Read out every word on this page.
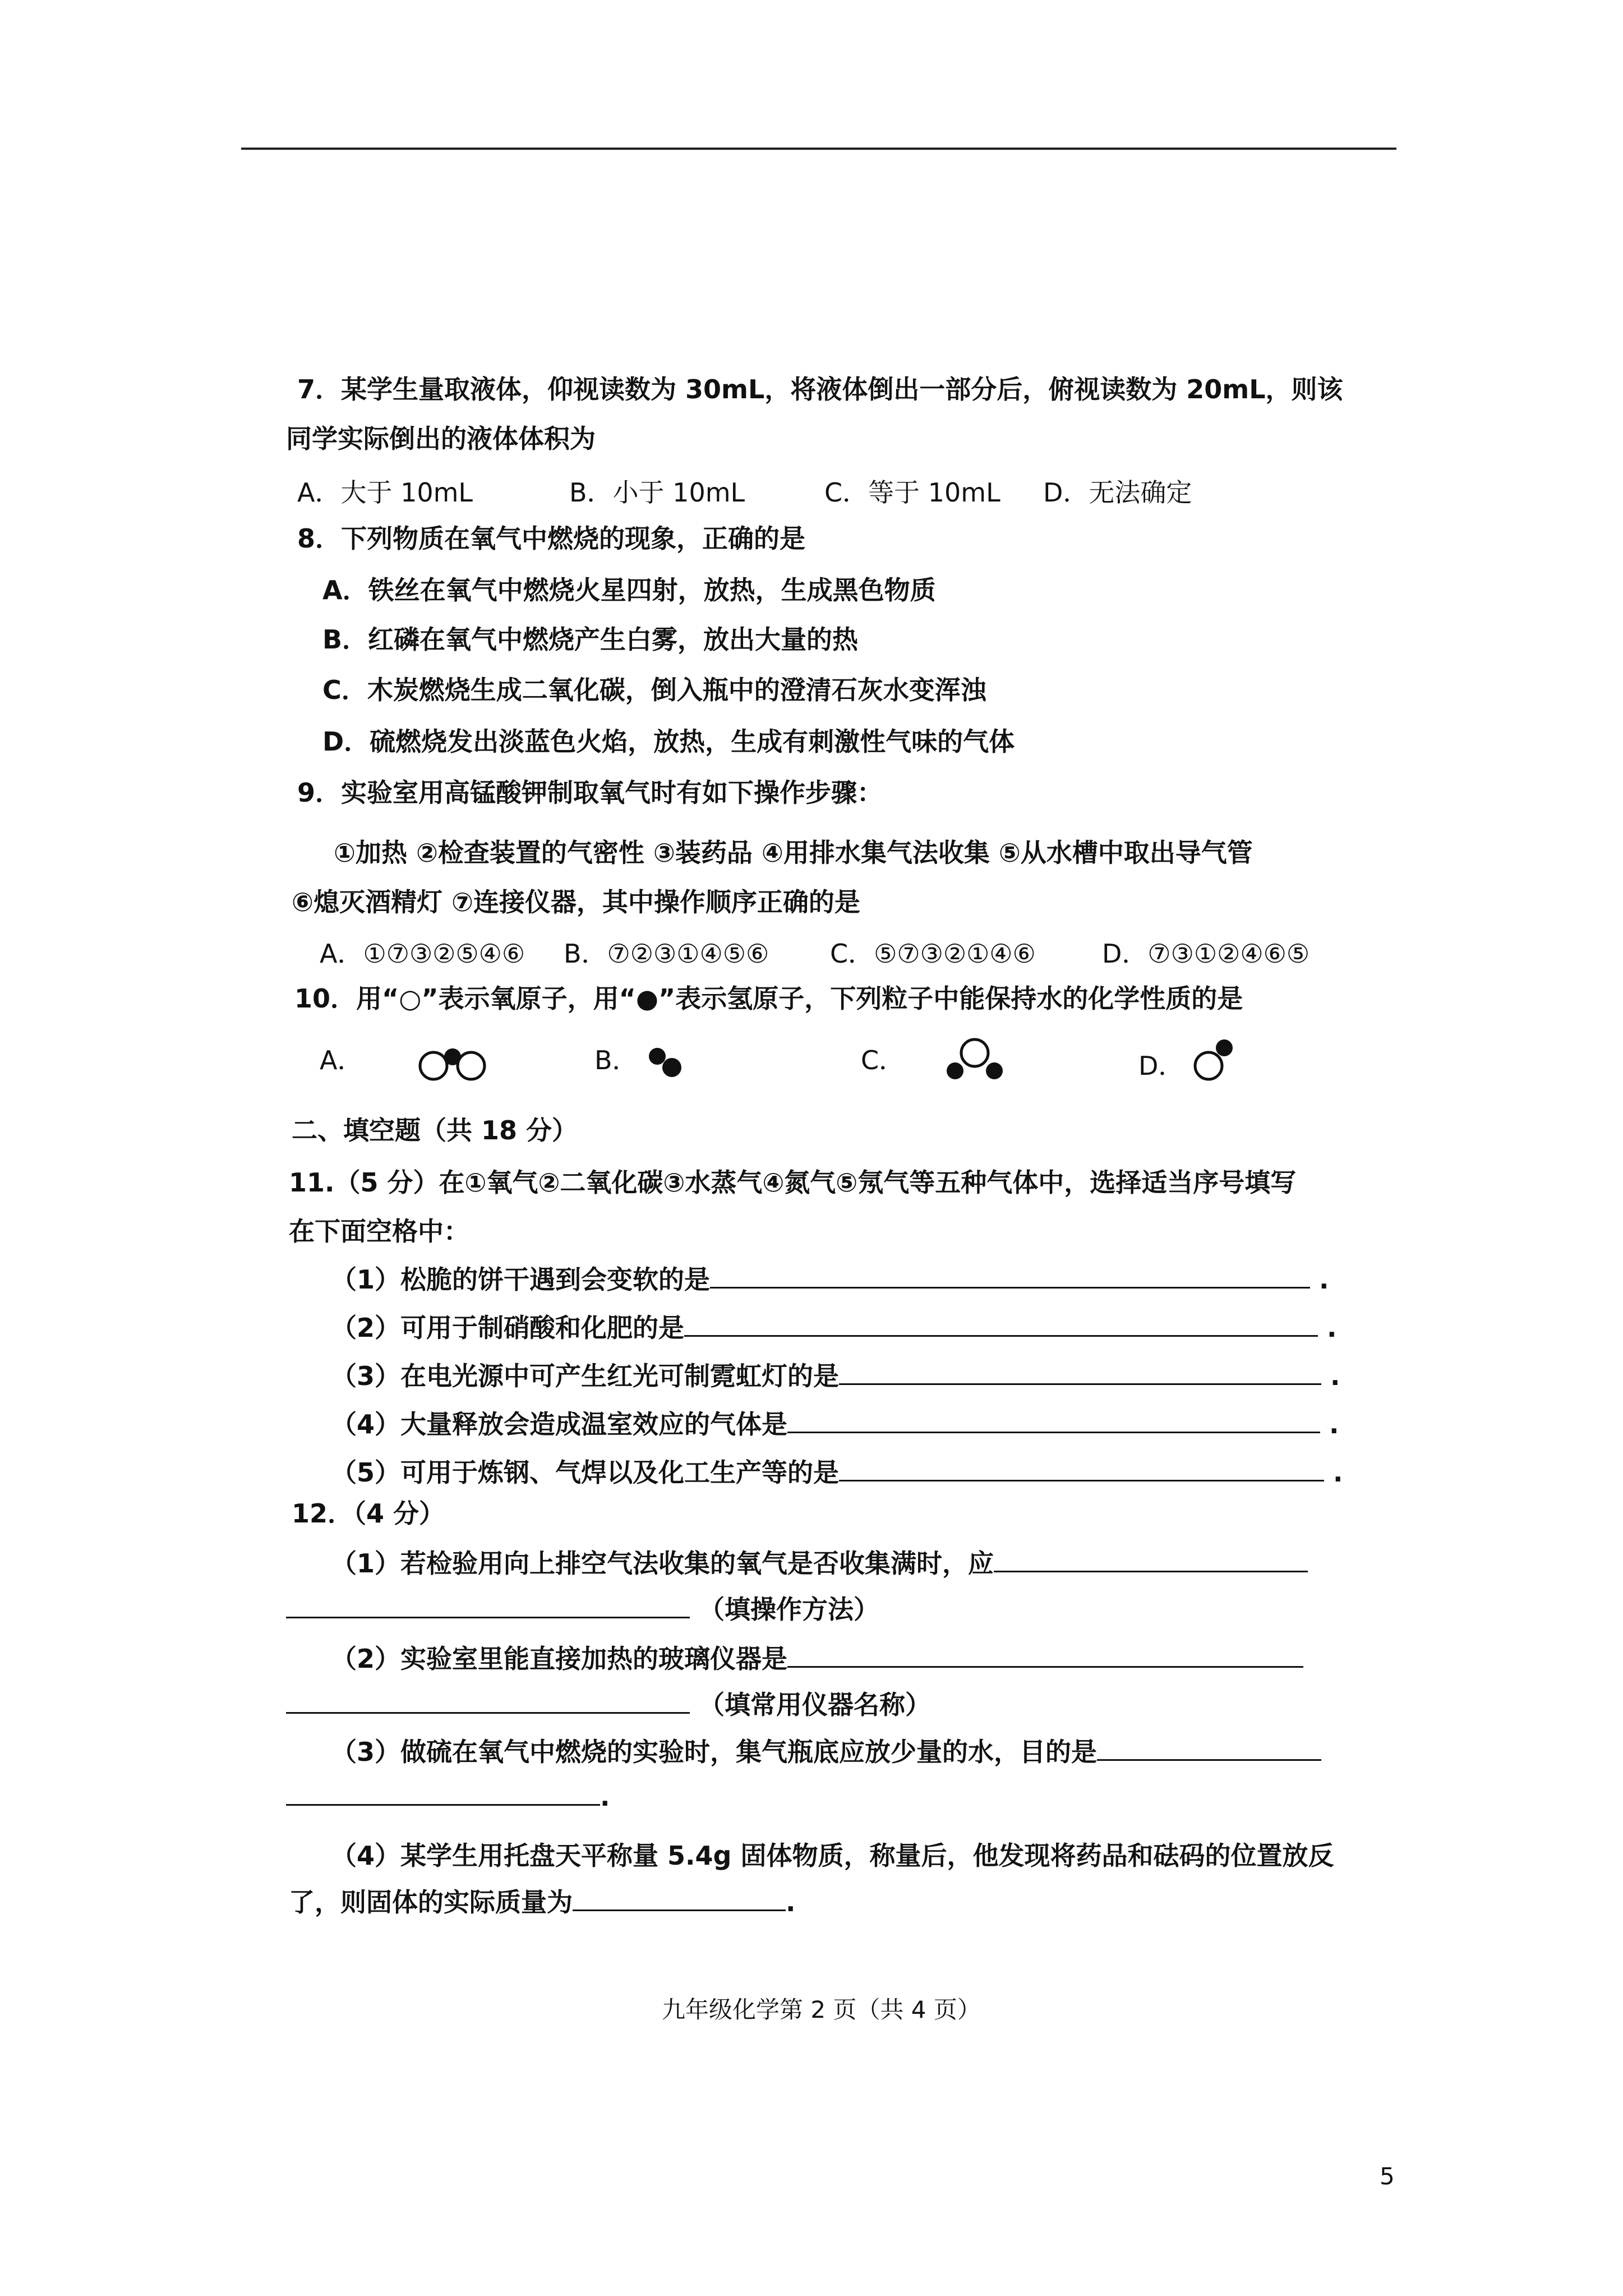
7．某学生量取液体，仰视读数为 30mL，将液体倒出一部分后，俯视读数为 20mL，则该
同学实际倒出的液体体积为
A．大于 10mL	B．小于 10mL	C．等于 10mL D．无法确定
8．下列物质在氧气中燃烧的现象，正确的是
A．铁丝在氧气中燃烧火星四射，放热，生成黑色物质
B．红磷在氧气中燃烧产生白雾，放出大量的热
C．木炭燃烧生成二氧化碳，倒入瓶中的澄清石灰水变浑浊
D．硫燃烧发出淡蓝色火焰，放热，生成有刺激性气味的气体
9．实验室用高锰酸钾制取氧气时有如下操作步骤：
①加热 ②检查装置的气密性 ③装药品 ④用排水集气法收集 ⑤从水槽中取出导气管
⑥熄灭酒精灯 ⑦连接仪器，其中操作顺序正确的是
A．①⑦③②⑤④⑥ B．⑦②③①④⑤⑥ C．⑤⑦③②①④⑥	D．⑦③①②④⑥⑤
10．用“○”表示氧原子，用“●”表示氢原子，下列粒子中能保持水的化学性质的是
A．	B．	C．	D．
二、填空题（共 18 分）
11.（5 分）在①氧气②二氧化碳③水蒸气④氮气⑤氖气等五种气体中，选择适当序号填写
在下面空格中：
（1）松脆的饼干遇到会变软的是	.
（2）可用于制硝酸和化肥的是	.
（3）在电光源中可产生红光可制霓虹灯的是	.
（4）大量释放会造成温室效应的气体是	.
（5）可用于炼钢、气焊以及化工生产等的是	.
12．（4 分）
（1）若检验用向上排空气法收集的氧气是否收集满时，应
（填操作方法）
（2）实验室里能直接加热的玻璃仪器是
（填常用仪器名称）
（3）做硫在氧气中燃烧的实验时，集气瓶底应放少量的水，目的是
.
（4）某学生用托盘天平称量 5.4g 固体物质，称量后，他发现将药品和砝码的位置放反
了，则固体的实际质量为	.
九年级化学第 2 页（共 4 页）
5
